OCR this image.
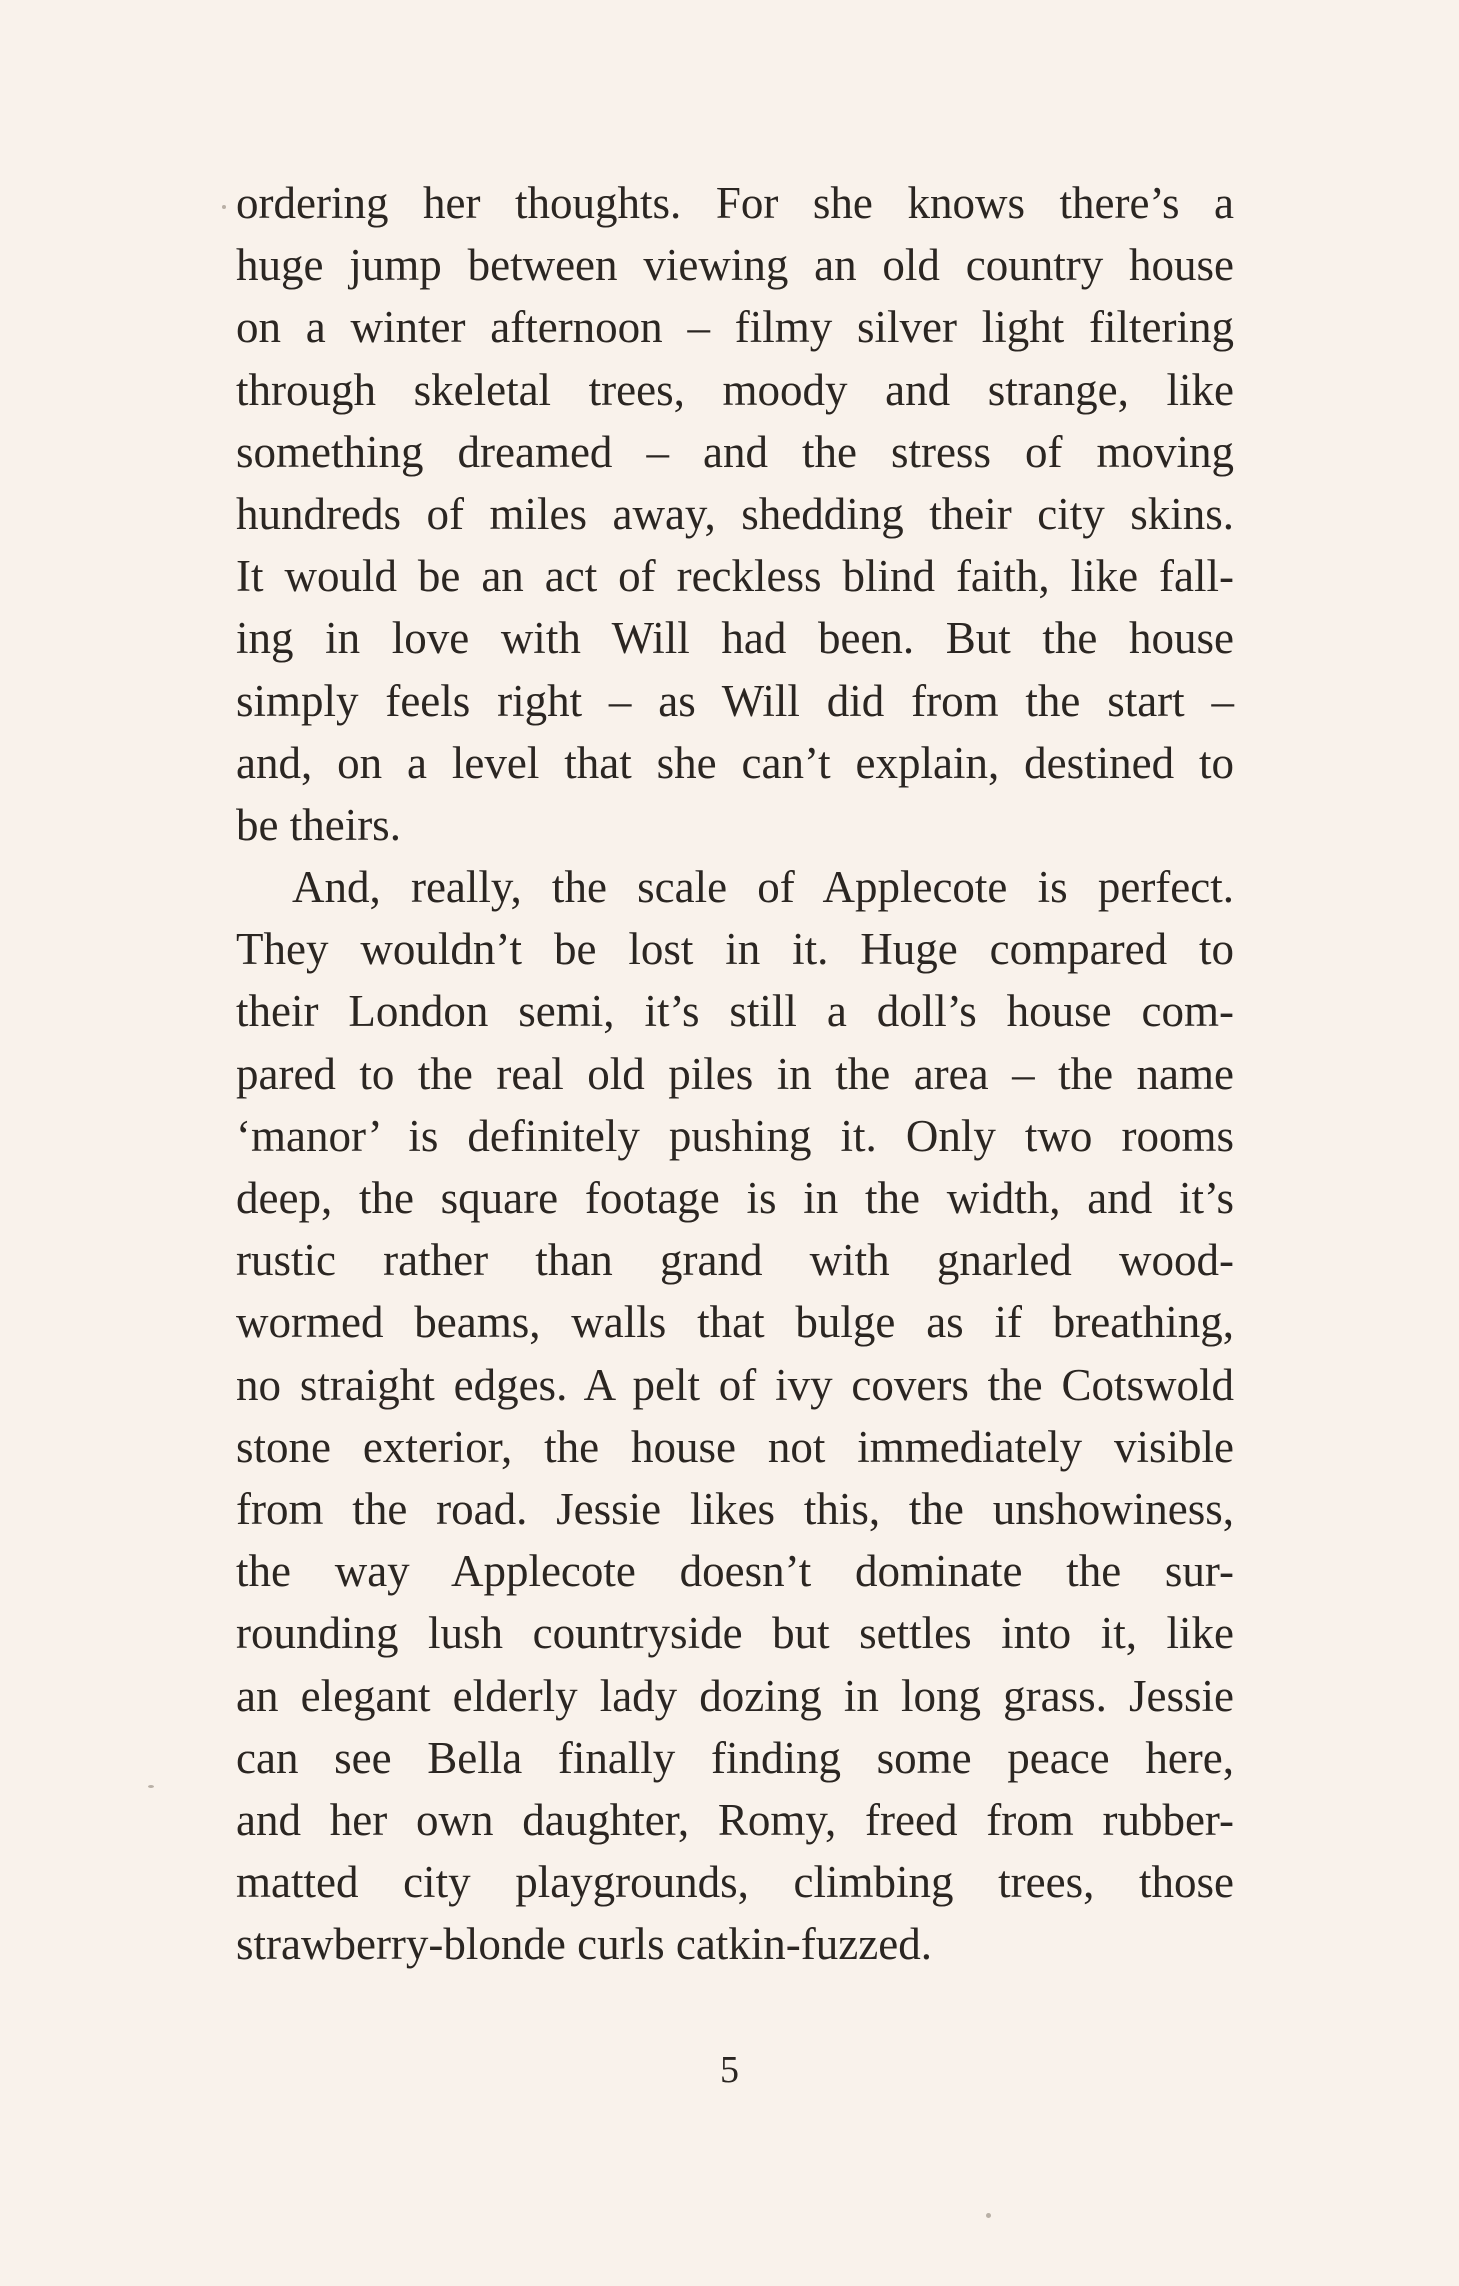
ordering her thoughts. For she knows there’s a
huge jump between viewing an old country house
on a winter afternoon – filmy silver light filtering
through skeletal trees, moody and strange, like
something dreamed – and the stress of moving
hundreds of miles away, shedding their city skins.
It would be an act of reckless blind faith, like fall-
ing in love with Will had been. But the house
simply feels right – as Will did from the start –
and, on a level that she can’t explain, destined to
be theirs.
And, really, the scale of Applecote is perfect.
They wouldn’t be lost in it. Huge compared to
their London semi, it’s still a doll’s house com-
pared to the real old piles in the area – the name
‘manor’ is definitely pushing it. Only two rooms
deep, the square footage is in the width, and it’s
rustic rather than grand with gnarled wood-
wormed beams, walls that bulge as if breathing,
no straight edges. A pelt of ivy covers the Cotswold
stone exterior, the house not immediately visible
from the road. Jessie likes this, the unshowiness,
the way Applecote doesn’t dominate the sur-
rounding lush countryside but settles into it, like
an elegant elderly lady dozing in long grass. Jessie
can see Bella finally finding some peace here,
and her own daughter, Romy, freed from rubber-
matted city playgrounds, climbing trees, those
strawberry-blonde curls catkin-fuzzed.
5
